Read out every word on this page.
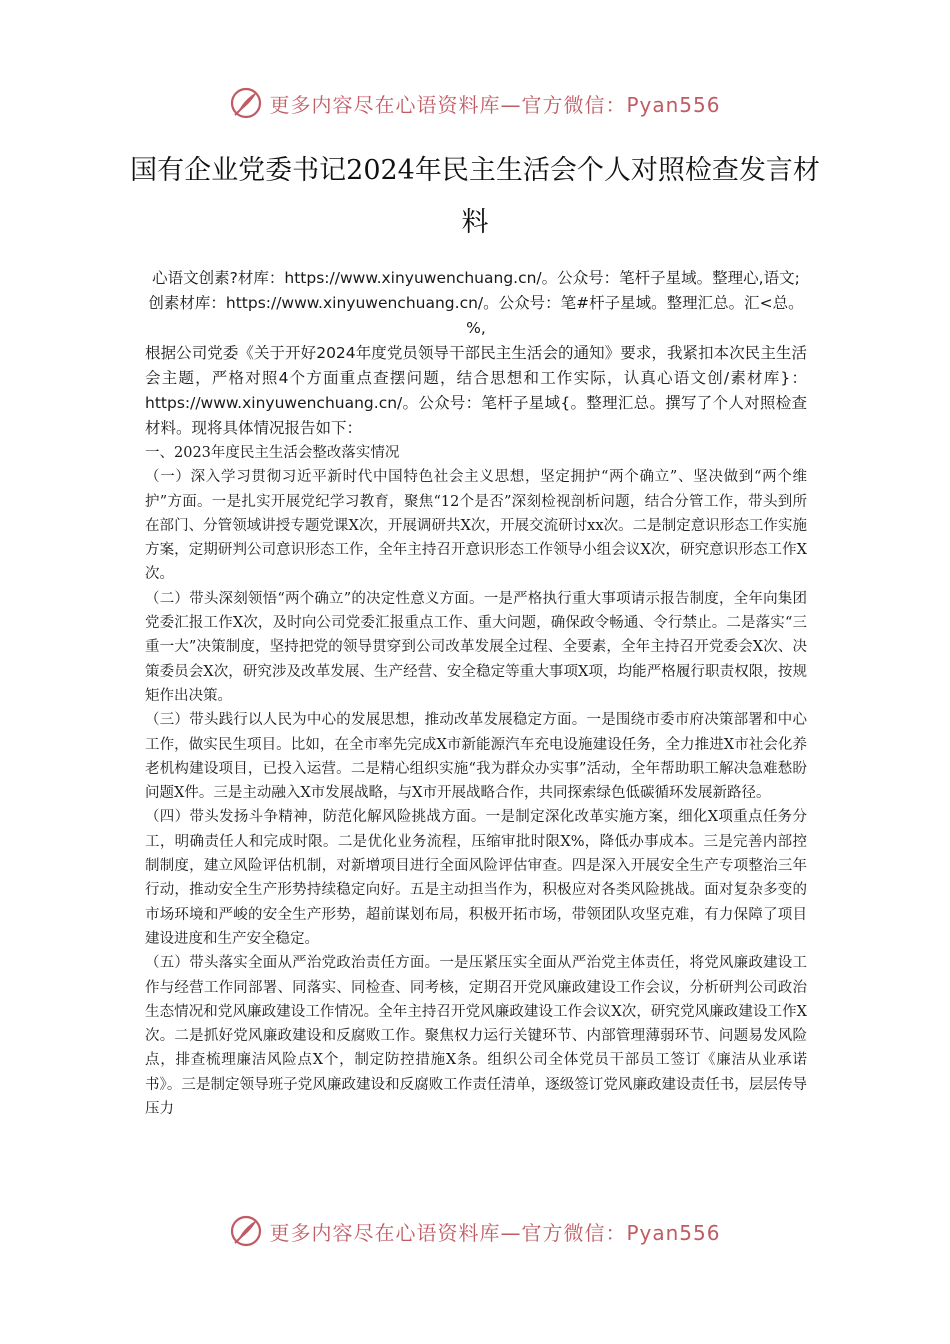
更多内容尽在心语资料库—官方微信：Pyan556
国有企业党委书记2024年民主生活会个人对照检查发言材料

心语文创素?材库：https://www.xinyuwenchuang.cn/。公众号：笔杆子星域。整理心,语文;创素材库：https://www.xinyuwenchuang.cn/。公众号：笔#杆子星域。整理汇总。汇<总。%,

根据公司党委《关于开好2024年度党员领导干部民主生活会的通知》要求，我紧扣本次民主生活会主题，严格对照4个方面重点查摆问题，结合思想和工作实际，认真心语文创/素材库}：https://www.xinyuwenchuang.cn/。公众号：笔杆子星域{。整理汇总。撰写了个人对照检查材料。现将具体情况报告如下：

一、2023年度民主生活会整改落实情况

（一）深入学习贯彻习近平新时代中国特色社会主义思想，坚定拥护“两个确立”、坚决做到“两个维护”方面。一是扎实开展党纪学习教育，聚焦“12个是否”深刻检视剖析问题，结合分管工作，带头到所在部门、分管领域讲授专题党课X次，开展调研共X次，开展交流研讨xx次。二是制定意识形态工作实施方案，定期研判公司意识形态工作，全年主持召开意识形态工作领导小组会议X次，研究意识形态工作X次。

（二）带头深刻领悟“两个确立”的决定性意义方面。一是严格执行重大事项请示报告制度，全年向集团党委汇报工作X次，及时向公司党委汇报重点工作、重大问题，确保政令畅通、令行禁止。二是落实“三重一大”决策制度，坚持把党的领导贯穿到公司改革发展全过程、全要素，全年主持召开党委会X次、决策委员会X次，研究涉及改革发展、生产经营、安全稳定等重大事项X项，均能严格履行职责权限，按规矩作出决策。

（三）带头践行以人民为中心的发展思想，推动改革发展稳定方面。一是围绕市委市府决策部署和中心工作，做实民生项目。比如，在全市率先完成X市新能源汽车充电设施建设任务，全力推进X市社会化养老机构建设项目，已投入运营。二是精心组织实施“我为群众办实事”活动，全年帮助职工解决急难愁盼问题X件。三是主动融入X市发展战略，与X市开展战略合作，共同探索绿色低碳循环发展新路径。

（四）带头发扬斗争精神，防范化解风险挑战方面。一是制定深化改革实施方案，细化X项重点任务分工，明确责任人和完成时限。二是优化业务流程，压缩审批时限X%，降低办事成本。三是完善内部控制制度，建立风险评估机制，对新增项目进行全面风险评估审查。四是深入开展安全生产专项整治三年行动，推动安全生产形势持续稳定向好。五是主动担当作为，积极应对各类风险挑战。面对复杂多变的市场环境和严峻的安全生产形势，超前谋划布局，积极开拓市场，带领团队攻坚克难，有力保障了项目建设进度和生产安全稳定。

（五）带头落实全面从严治党政治责任方面。一是压紧压实全面从严治党主体责任，将党风廉政建设工作与经营工作同部署、同落实、同检查、同考核，定期召开党风廉政建设工作会议，分析研判公司政治生态情况和党风廉政建设工作情况。全年主持召开党风廉政建设工作会议X次，研究党风廉政建设工作X次。二是抓好党风廉政建设和反腐败工作。聚焦权力运行关键环节、内部管理薄弱环节、问题易发风险点，排查梳理廉洁风险点X个，制定防控措施X条。组织公司全体党员干部员工签订《廉洁从业承诺书》。三是制定领导班子党风廉政建设和反腐败工作责任清单，逐级签订党风廉政建设责任书，层层传导压力

更多内容尽在心语资料库—官方微信：Pyan556
